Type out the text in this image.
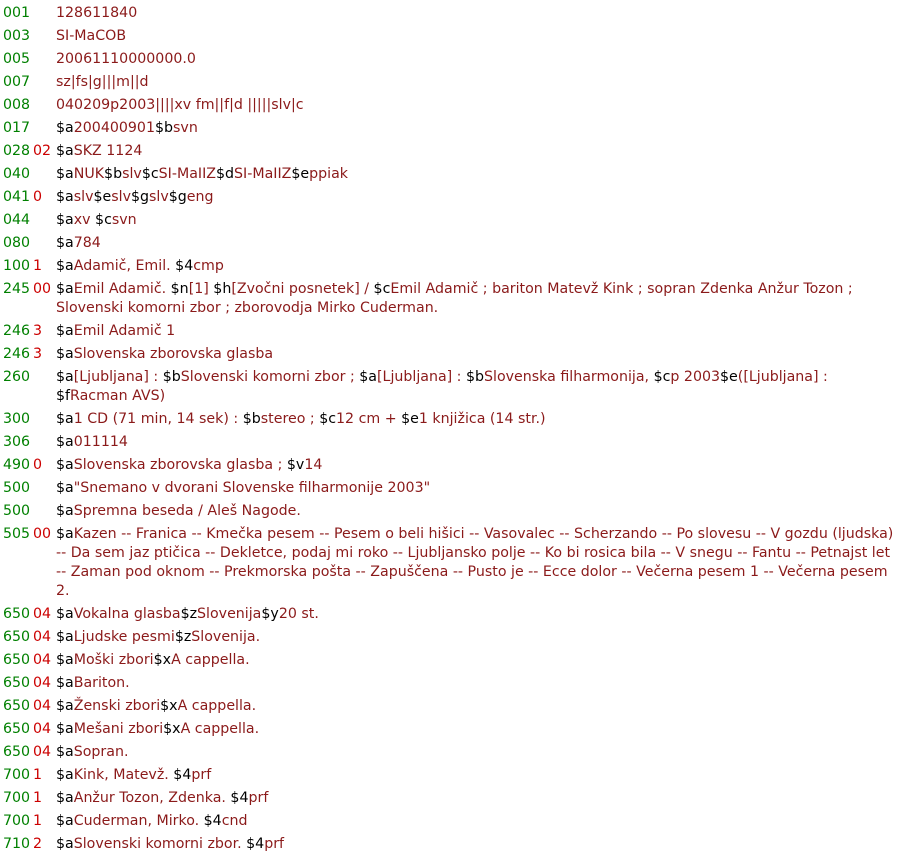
001 128611840
003 SI-MaCOB
005 20061110000000.0
007 sz|fs|g|||m||d
008 040209p2003||||xv fm||f|d |||||slv|c
017 $a200400901$bsvn
028 02 $aSKZ 1124
040 $aNUK$bslv$cSI-MaIIZ$dSI-MaIIZ$eppiak
041 0 $aslv$eslv$gslv$geng
044 $axv $csvn
080 $a784
100 1 $aAdamič, Emil. $4cmp
245 00 $aEmil Adamič. $n[1] $h[Zvočni posnetek] / $cEmil Adamič ; bariton Matevž Kink ; sopran Zdenka Anžur Tozon ; Slovenski komorni zbor ; zborovodja Mirko Cuderman.
246 3 $aEmil Adamič 1
246 3 $aSlovenska zborovska glasba
260 $a[Ljubljana] : $bSlovenski komorni zbor ; $a[Ljubljana] : $bSlovenska filharmonija, $cp 2003$e([Ljubljana] : $fRacman AVS)
300 $a1 CD (71 min, 14 sek) : $bstereo ; $c12 cm + $e1 knjižica (14 str.)
306 $a011114
490 0 $aSlovenska zborovska glasba ; $v14
500 $a"Snemano v dvorani Slovenske filharmonije 2003"
500 $aSpremna beseda / Aleš Nagode.
505 00 $aKazen -- Franica -- Kmečka pesem -- Pesem o beli hišici -- Vasovalec -- Scherzando -- Po slovesu -- V gozdu (ljudska) -- Da sem jaz ptičica -- Dekletce, podaj mi roko -- Ljubljansko polje -- Ko bi rosica bila -- V snegu -- Fantu -- Petnajst let -- Zaman pod oknom -- Prekmorska pošta -- Zapuščena -- Pusto je -- Ecce dolor -- Večerna pesem 1 -- Večerna pesem 2.
650 04 $aVokalna glasba$zSlovenija$y20 st.
650 04 $aLjudske pesmi$zSlovenija.
650 04 $aMoški zbori$xA cappella.
650 04 $aBariton.
650 04 $aŽenski zbori$xA cappella.
650 04 $aMešani zbori$xA cappella.
650 04 $aSopran.
700 1 $aKink, Matevž. $4prf
700 1 $aAnžur Tozon, Zdenka. $4prf
700 1 $aCuderman, Mirko. $4cnd
710 2 $aSlovenski komorni zbor. $4prf
